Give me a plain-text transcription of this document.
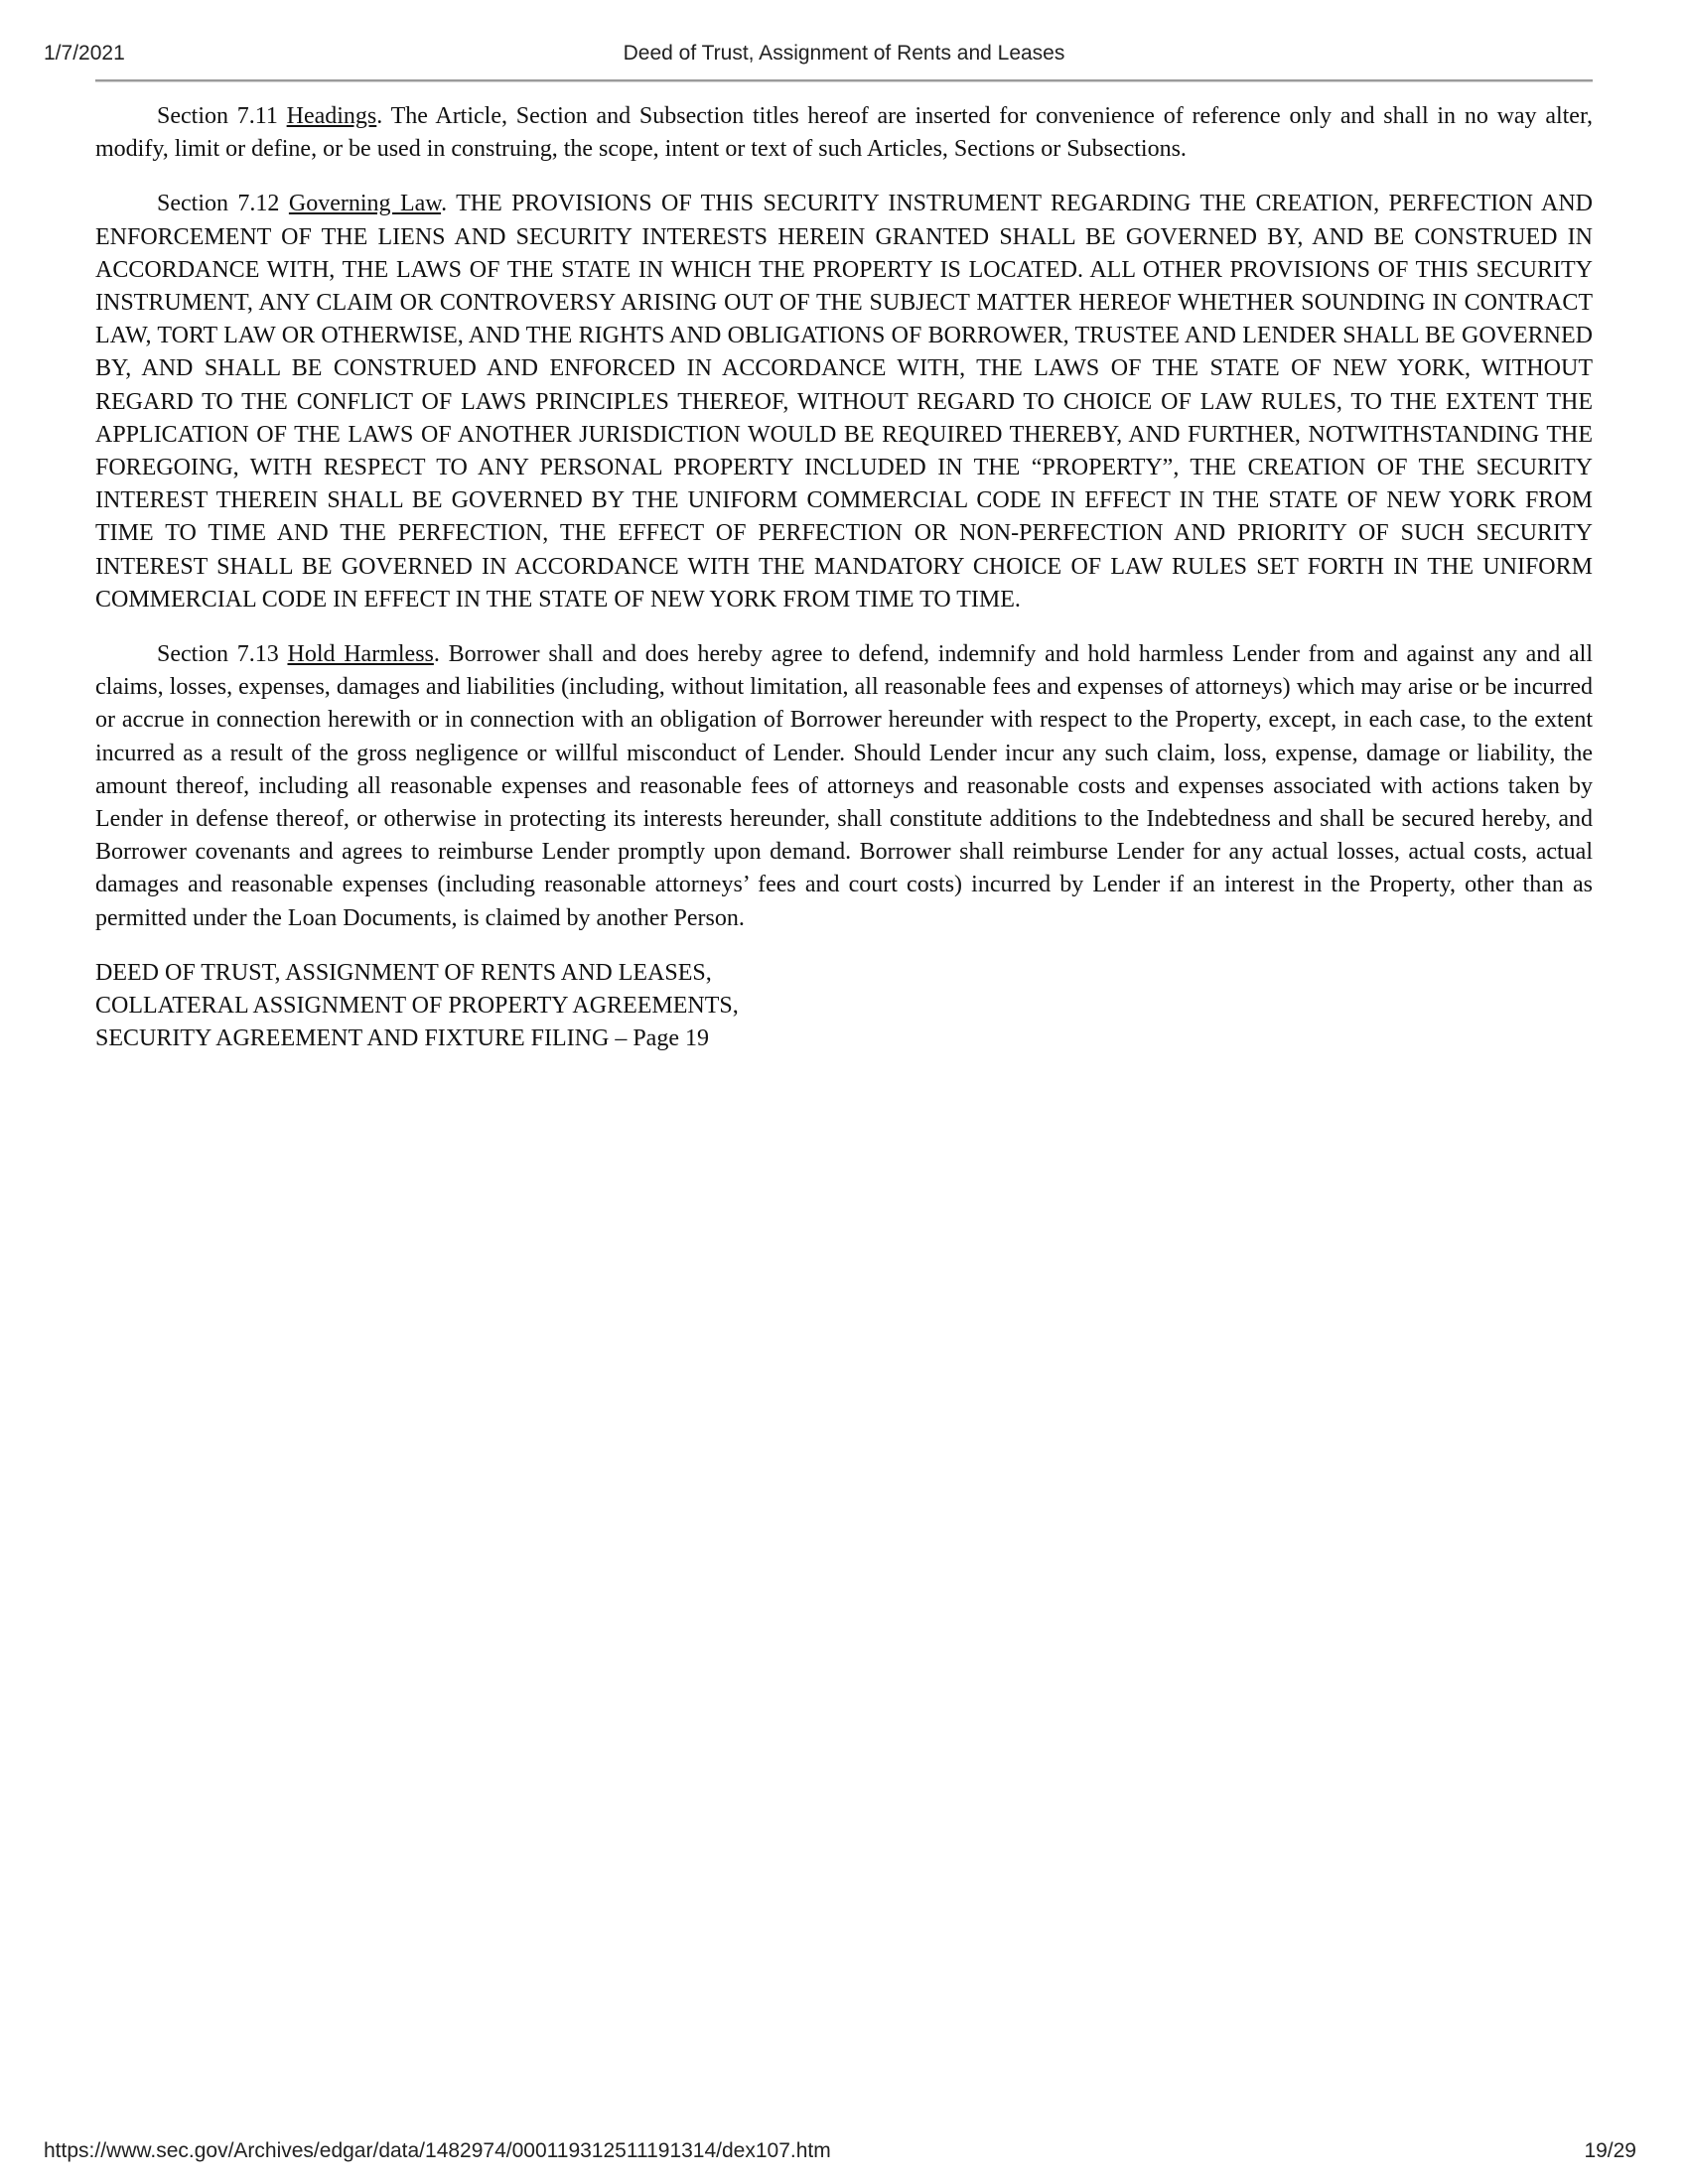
1/7/2021	Deed of Trust, Assignment of Rents and Leases

Section 7.11 Headings. The Article, Section and Subsection titles hereof are inserted for convenience of reference only and shall in no way alter, modify, limit or define, or be used in construing, the scope, intent or text of such Articles, Sections or Subsections.

Section 7.12 Governing Law. THE PROVISIONS OF THIS SECURITY INSTRUMENT REGARDING THE CREATION, PERFECTION AND ENFORCEMENT OF THE LIENS AND SECURITY INTERESTS HEREIN GRANTED SHALL BE GOVERNED BY, AND BE CONSTRUED IN ACCORDANCE WITH, THE LAWS OF THE STATE IN WHICH THE PROPERTY IS LOCATED. ALL OTHER PROVISIONS OF THIS SECURITY INSTRUMENT, ANY CLAIM OR CONTROVERSY ARISING OUT OF THE SUBJECT MATTER HEREOF WHETHER SOUNDING IN CONTRACT LAW, TORT LAW OR OTHERWISE, AND THE RIGHTS AND OBLIGATIONS OF BORROWER, TRUSTEE AND LENDER SHALL BE GOVERNED BY, AND SHALL BE CONSTRUED AND ENFORCED IN ACCORDANCE WITH, THE LAWS OF THE STATE OF NEW YORK, WITHOUT REGARD TO THE CONFLICT OF LAWS PRINCIPLES THEREOF, WITHOUT REGARD TO CHOICE OF LAW RULES, TO THE EXTENT THE APPLICATION OF THE LAWS OF ANOTHER JURISDICTION WOULD BE REQUIRED THEREBY, AND FURTHER, NOTWITHSTANDING THE FOREGOING, WITH RESPECT TO ANY PERSONAL PROPERTY INCLUDED IN THE “PROPERTY”, THE CREATION OF THE SECURITY INTEREST THEREIN SHALL BE GOVERNED BY THE UNIFORM COMMERCIAL CODE IN EFFECT IN THE STATE OF NEW YORK FROM TIME TO TIME AND THE PERFECTION, THE EFFECT OF PERFECTION OR NON-PERFECTION AND PRIORITY OF SUCH SECURITY INTEREST SHALL BE GOVERNED IN ACCORDANCE WITH THE MANDATORY CHOICE OF LAW RULES SET FORTH IN THE UNIFORM COMMERCIAL CODE IN EFFECT IN THE STATE OF NEW YORK FROM TIME TO TIME.

Section 7.13 Hold Harmless. Borrower shall and does hereby agree to defend, indemnify and hold harmless Lender from and against any and all claims, losses, expenses, damages and liabilities (including, without limitation, all reasonable fees and expenses of attorneys) which may arise or be incurred or accrue in connection herewith or in connection with an obligation of Borrower hereunder with respect to the Property, except, in each case, to the extent incurred as a result of the gross negligence or willful misconduct of Lender. Should Lender incur any such claim, loss, expense, damage or liability, the amount thereof, including all reasonable expenses and reasonable fees of attorneys and reasonable costs and expenses associated with actions taken by Lender in defense thereof, or otherwise in protecting its interests hereunder, shall constitute additions to the Indebtedness and shall be secured hereby, and Borrower covenants and agrees to reimburse Lender promptly upon demand. Borrower shall reimburse Lender for any actual losses, actual costs, actual damages and reasonable expenses (including reasonable attorneys’ fees and court costs) incurred by Lender if an interest in the Property, other than as permitted under the Loan Documents, is claimed by another Person.

DEED OF TRUST, ASSIGNMENT OF RENTS AND LEASES,
COLLATERAL ASSIGNMENT OF PROPERTY AGREEMENTS,
SECURITY AGREEMENT AND FIXTURE FILING – Page 19
https://www.sec.gov/Archives/edgar/data/1482974/000119312511191314/dex107.htm	19/29
